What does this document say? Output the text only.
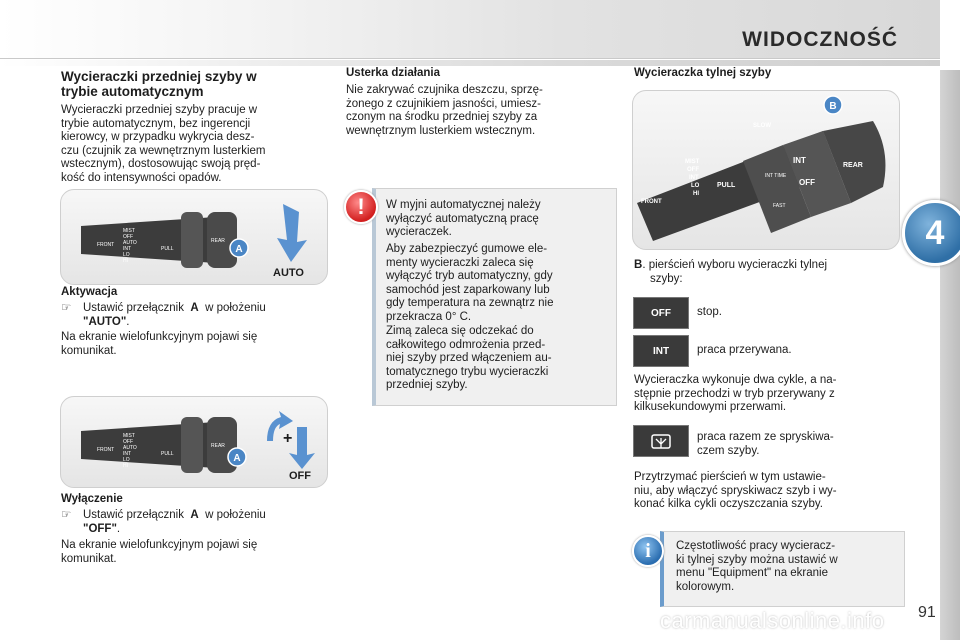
WIDOCZNOŚĆ
4
Wycieraczki przedniej szyby w
trybie automatycznym

Wycieraczki przedniej szyby pracuje w

trybie automatycznym, bez ingerencji

kierowcy, w przypadku wykrycia desz-

czu (czujnik za wewnętrznym lusterkiem

wstecznym), dostosowując swoją pręd-

kość do intensywności opadów.

A
MIST
OFF
AUTO
INT
LO
HI
FRONT
PULL
REAR
AUTO
Aktywacja
☞ Ustawić przełącznik A w położeniu
"AUTO".
Na ekranie wielofunkcyjnym pojawi się
komunikat.
A
MIST
OFF
AUTO
INT
LO
HI
FRONT
PULL
REAR	+
OFF
Wyłączenie
☞ Ustawić przełącznik A w położeniu
"OFF".
Na ekranie wielofunkcyjnym pojawi się
komunikat.
Usterka działania

Nie zakrywać czujnika deszczu, sprzę-

żonego z czujnikiem jasności, umiesz-

czonym na środku przedniej szyby za

wewnętrznym lusterkiem wstecznym.

W myjni automatycznej należy

wyłączyć automatyczną pracę

wycieraczek.

Aby zabezpieczyć gumowe ele-

menty wycieraczki zaleca się

wyłączyć tryb automatyczny, gdy

samochód jest zaparkowany lub

gdy temperatura na zewnątrz nie

przekracza 0° C.

Zimą zaleca się odczekać do

całkowitego odmrożenia przed-

niej szyby przed włączeniem au-

tomatycznego trybu wycieraczki

przedniej szyby.

!
Wycieraczka tylnej szyby
B
SLOW
INT
OFF
REAR
MIST
OFF
INT
LO
HI
FRONT
PULL
INT TIME
FAST
B. pierścień wyboru wycieraczki tylnej
szyby:
OFF	stop.
INT	praca przerywana.

Wycieraczka wykonuje dwa cykle, a na-

stępnie przechodzi w tryb przerywany z

kilkusekundowymi przerwami.

praca razem ze spryskiwa-
czem szyby.

Przytrzymać pierścień w tym ustawie-

niu, aby włączyć spryskiwacz szyb i wy-

konać kilka cykli oczyszczania szyby.

Częstotliwość pracy wycieracz-

ki tylnej szyby można ustawić w

menu "Equipment" na ekranie

kolorowym.

i
carmanualsonline.info 91
